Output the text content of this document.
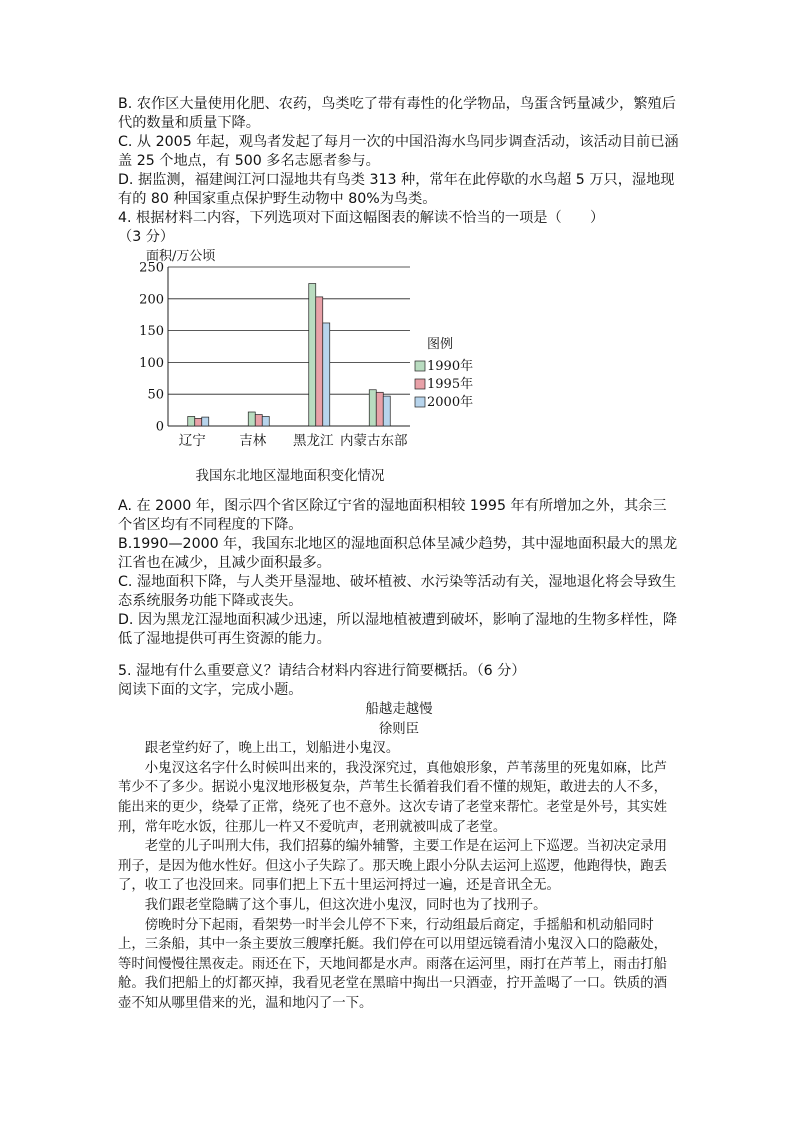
B. 农作区大量使用化肥、农药，鸟类吃了带有毒性的化学物品，鸟蛋含钙量减少，繁殖后代的数量和质量下降。

C. 从 2005 年起，观鸟者发起了每月一次的中国沿海水鸟同步调查活动，该活动目前已涵盖 25 个地点，有 500 多名志愿者参与。

D. 据监测，福建闽江河口湿地共有鸟类 313 种，常年在此停歇的水鸟超 5 万只，湿地现有的 80 种国家重点保护野生动物中 80%为鸟类。

4. 根据材料二内容，下列选项对下面这幅图表的解读不恰当的一项是（　　）

（3 分）

面积/万公顷
0
50
100
150
200
250
辽宁 吉林 黑龙江 内蒙古东部
图例
1990年
1995年
2000年
我国东北地区湿地面积变化情况

A. 在 2000 年，图示四个省区除辽宁省的湿地面积相较 1995 年有所增加之外，其余三个省区均有不同程度的下降。

B.1990—2000 年，我国东北地区的湿地面积总体呈减少趋势，其中湿地面积最大的黑龙江省也在减少，且减少面积最多。

C. 湿地面积下降，与人类开垦湿地、破坏植被、水污染等活动有关，湿地退化将会导致生态系统服务功能下降或丧失。

D. 因为黑龙江湿地面积减少迅速，所以湿地植被遭到破坏，影响了湿地的生物多样性，降低了湿地提供可再生资源的能力。

5. 湿地有什么重要意义？请结合材料内容进行简要概括。（6 分）

阅读下面的文字，完成小题。

船越走越慢

徐则臣

跟老堂约好了，晚上出工，划船进小鬼汊。

小鬼汊这名字什么时候叫出来的，我没深究过，真他娘形象，芦苇荡里的死鬼如麻，比芦苇少不了多少。据说小鬼汊地形极复杂，芦苇生长循着我们看不懂的规矩，敢进去的人不多，能出来的更少，绕晕了正常，绕死了也不意外。这次专请了老堂来帮忙。老堂是外号，其实姓刑，常年吃水饭，往那儿一杵又不爱吭声，老刑就被叫成了老堂。

老堂的儿子叫刑大伟，我们招募的编外辅警，主要工作是在运河上下巡逻。当初决定录用刑子，是因为他水性好。但这小子失踪了。那天晚上跟小分队去运河上巡逻，他跑得快，跑丢了，收工了也没回来。同事们把上下五十里运河捋过一遍，还是音讯全无。

我们跟老堂隐瞒了这个事儿，但这次进小鬼汊，同时也为了找刑子。

傍晚时分下起雨，看架势一时半会儿停不下来，行动组最后商定，手摇船和机动船同时上，三条船，其中一条主要放三艘摩托艇。我们停在可以用望远镜看清小鬼汊入口的隐蔽处，等时间慢慢往黑夜走。雨还在下，天地间都是水声。雨落在运河里，雨打在芦苇上，雨击打船舱。我们把船上的灯都灭掉，我看见老堂在黑暗中掏出一只酒壶，拧开盖喝了一口。铁质的酒壶不知从哪里借来的光，温和地闪了一下。
